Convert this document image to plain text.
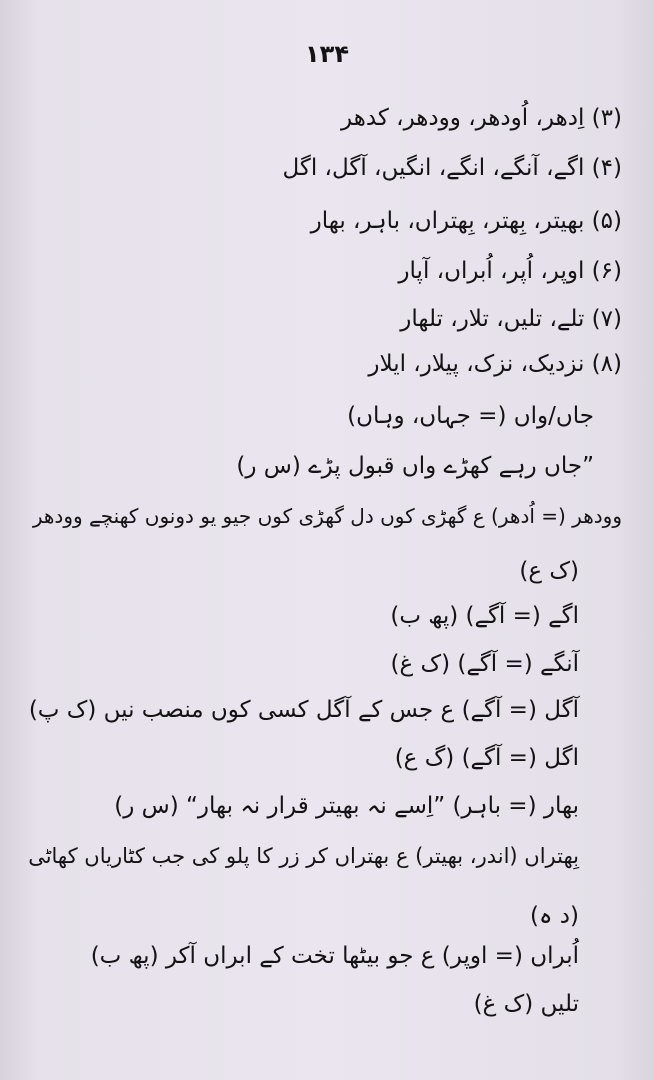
۱۳۴
(۳) اِدھر، اُودھر، وودھر، کدھر
(۴) اگے، آنگے، انگے، انگیں، آگل، اگل
(۵) بھیتر، بِھتر، بِھتراں، باہر، بھار
(۶) اوپر، اُپر، اُبراں، آپار
(۷) تلے، تلیں، تلار، تلھار
(۸) نزدیک، نزک، پیلار، ایلار
جاں/واں (= جہاں، وہاں)
”جاں رہے کھڑے واں قبول پڑے (س ر)
وودھر (= اُدھر) ع گھڑی کوں دل گھڑی کوں جیو یو دونوں کھنچے وودھر
(ک ع)
اگے (= آگے) (پھ ب)
آنگے (= آگے) (ک غ)
آگل (= آگے) ع جس کے آگل کسی کوں منصب نیں (ک پ)
اگل (= آگے) (گ ع)
بھار (= باہر) ”اِسے نہ بھیتر قرار نہ بھار“ (س ر)
بِھتراں (اندر، بھیتر) ع بھتراں کر زر کا پلو کی جب کٹاریاں کھاٹی
(د ہ)
اُبراں (= اوپر) ع جو بیٹھا تخت کے ابراں آکر (پھ ب)
تلیں (ک غ)
